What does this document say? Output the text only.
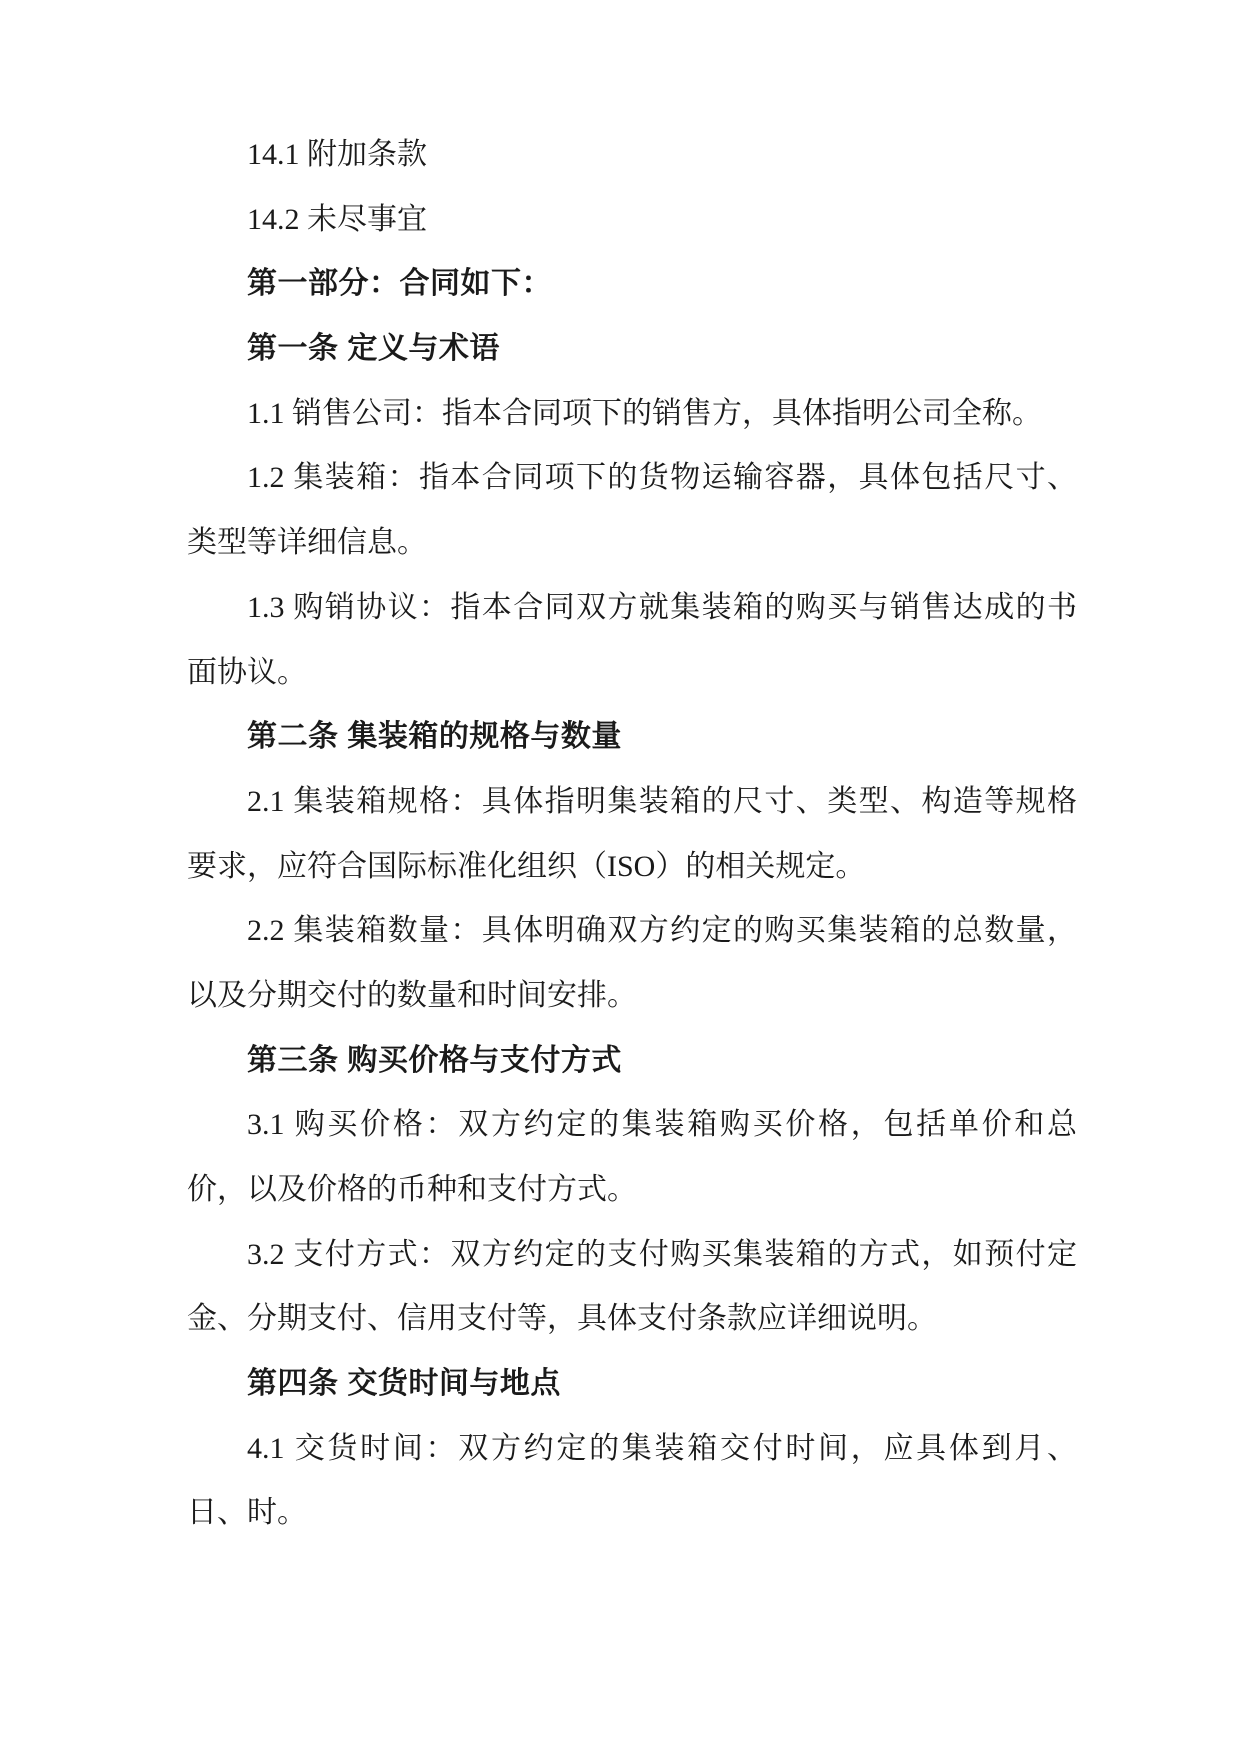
14.1 附加条款
14.2 未尽事宜
第一部分：合同如下：
第一条 定义与术语
1.1 销售公司：指本合同项下的销售方，具体指明公司全称。
1.2 集装箱：指本合同项下的货物运输容器，具体包括尺寸、
类型等详细信息。
1.3 购销协议：指本合同双方就集装箱的购买与销售达成的书
面协议。
第二条 集装箱的规格与数量
2.1 集装箱规格：具体指明集装箱的尺寸、类型、构造等规格
要求，应符合国际标准化组织（ISO）的相关规定。
2.2 集装箱数量：具体明确双方约定的购买集装箱的总数量，
以及分期交付的数量和时间安排。
第三条 购买价格与支付方式
3.1 购买价格：双方约定的集装箱购买价格，包括单价和总
价，以及价格的币种和支付方式。
3.2 支付方式：双方约定的支付购买集装箱的方式，如预付定
金、分期支付、信用支付等，具体支付条款应详细说明。
第四条 交货时间与地点
4.1 交货时间：双方约定的集装箱交付时间，应具体到月、
日、时。
